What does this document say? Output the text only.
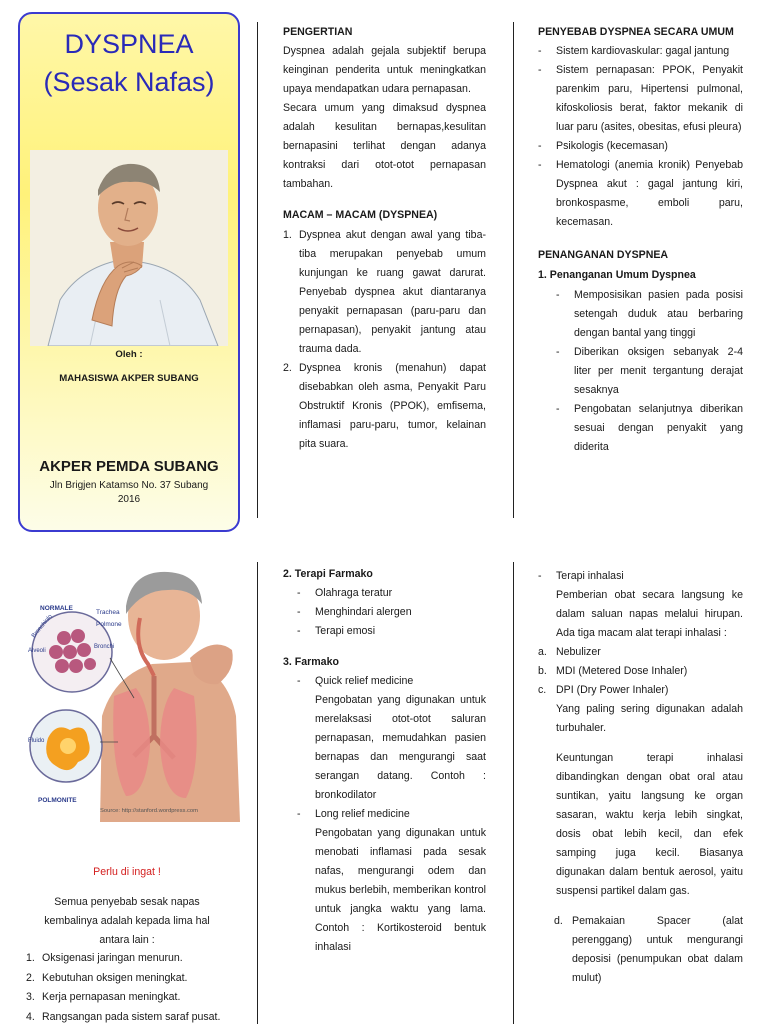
DYSPNEA
(Sesak Nafas)
Oleh :
MAHASISWA AKPER SUBANG
AKPER PEMDA SUBANG
Jln Brigjen Katamso No. 37 Subang
2016
PENGERTIAN
Dyspnea adalah gejala subjektif berupa keinginan penderita untuk meningkatkan upaya mendapatkan udara pernapasan.
Secara umum yang dimaksud dyspnea adalah kesulitan bernapas,kesulitan bernapasini terlihat dengan adanya kontraksi dari otot-otot pernapasan tambahan.
MACAM – MACAM (DYSPNEA)
1. Dyspnea akut dengan awal yang tiba-tiba merupakan penyebab umum kunjungan ke ruang gawat darurat. Penyebab dyspnea akut diantaranya penyakit pernapasan (paru-paru dan pernapasan), penyakit jantung atau trauma dada.
2. Dyspnea kronis (menahun) dapat disebabkan oleh asma, Penyakit Paru Obstruktif Kronis (PPOK), emfisema, inflamasi paru-paru, tumor, kelainan pita suara.
PENYEBAB DYSPNEA SECARA UMUM
- Sistem kardiovaskular: gagal jantung
- Sistem pernapasan: PPOK, Penyakit parenkim paru, Hipertensi pulmonal, kifoskoliosis berat, faktor mekanik di luar paru (asites, obesitas, efusi pleura)
- Psikologis (kecemasan)
- Hematologi (anemia kronik) Penyebab Dyspnea akut : gagal jantung kiri, bronkospasme, emboli paru, kecemasan.
PENANGANAN DYSPNEA
1. Penanganan Umum Dyspnea
- Memposisikan pasien pada posisi setengah duduk atau berbaring dengan bantal yang tinggi
- Diberikan oksigen sebanyak 2-4 liter per menit tergantung derajat sesaknya
- Pengobatan selanjutnya diberikan sesuai dengan penyakit yang diderita
NORMALE
Trachea
Polmone
Bronchiolo
Alveoli
Bronchi
Fluido
POLMONITE
Source: http://stanford.wordpress.com
Perlu di ingat !
Semua penyebab sesak napas kembalinya adalah kepada lima hal antara lain :
1. Oksigenasi jaringan menurun.
2. Kebutuhan oksigen meningkat.
3. Kerja pernapasan meningkat.
4. Rangsangan pada sistem saraf pusat.
2. Terapi Farmako
- Olahraga teratur
- Menghindari alergen
- Terapi emosi
3. Farmako
- Quick relief medicine
Pengobatan yang digunakan untuk merelaksasi otot-otot saluran pernapasan, memudahkan pasien bernapas dan mengurangi saat serangan datang. Contoh : bronkodilator
- Long relief medicine
Pengobatan yang digunakan untuk menobati inflamasi pada sesak nafas, mengurangi odem dan mukus berlebih, memberikan kontrol untuk jangka waktu yang lama. Contoh : Kortikosteroid bentuk inhalasi
- Terapi inhalasi
Pemberian obat secara langsung ke dalam saluan napas melalui hirupan. Ada tiga macam alat terapi inhalasi :
a. Nebulizer
b. MDI (Metered Dose Inhaler)
c. DPI (Dry Power Inhaler)
Yang paling sering digunakan adalah turbuhaler.
Keuntungan terapi inhalasi dibandingkan dengan obat oral atau suntikan, yaitu langsung ke organ sasaran, waktu kerja lebih singkat, dosis obat lebih kecil, dan efek samping juga kecil. Biasanya digunakan dalam bentuk aerosol, yaitu suspensi partikel dalam gas.
d. Pemakaian Spacer (alat perenggang) untuk mengurangi deposisi (penumpukan obat dalam mulut)
